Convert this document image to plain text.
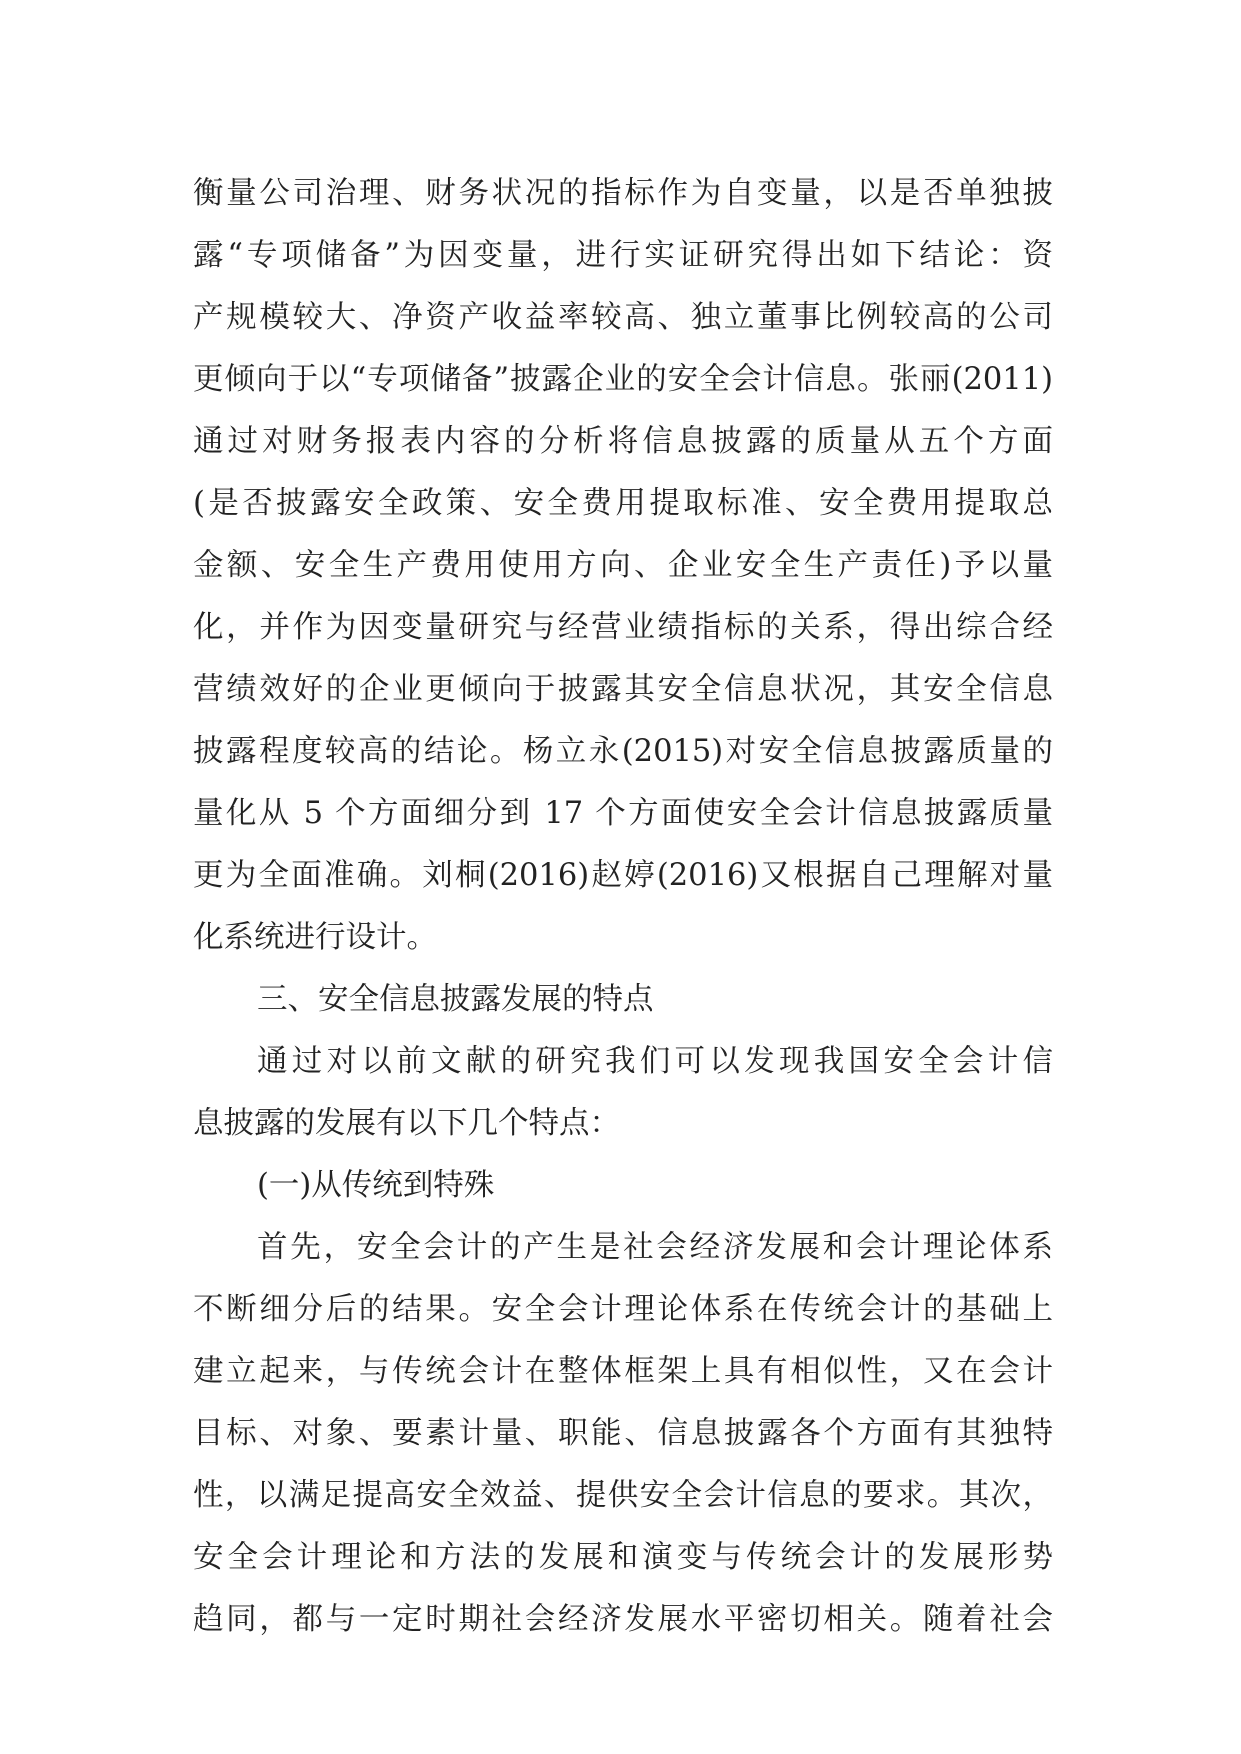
衡量公司治理、财务状况的指标作为自变量，以是否单独披
露“专项储备”为因变量，进行实证研究得出如下结论：资
产规模较大、净资产收益率较高、独立董事比例较高的公司
更倾向于以“专项储备”披露企业的安全会计信息。张丽(2011)
通过对财务报表内容的分析将信息披露的质量从五个方面
(是否披露安全政策、安全费用提取标准、安全费用提取总
金额、安全生产费用使用方向、企业安全生产责任)予以量
化，并作为因变量研究与经营业绩指标的关系，得出综合经
营绩效好的企业更倾向于披露其安全信息状况，其安全信息
披露程度较高的结论。杨立永(2015)对安全信息披露质量的
量化从 5 个方面细分到 17 个方面使安全会计信息披露质量
更为全面准确。刘桐(2016)赵婷(2016)又根据自己理解对量
化系统进行设计。
三、安全信息披露发展的特点
通过对以前文献的研究我们可以发现我国安全会计信
息披露的发展有以下几个特点：
(一)从传统到特殊
首先，安全会计的产生是社会经济发展和会计理论体系
不断细分后的结果。安全会计理论体系在传统会计的基础上
建立起来，与传统会计在整体框架上具有相似性，又在会计
目标、对象、要素计量、职能、信息披露各个方面有其独特
性，以满足提高安全效益、提供安全会计信息的要求。其次，
安全会计理论和方法的发展和演变与传统会计的发展形势
趋同，都与一定时期社会经济发展水平密切相关。随着社会
